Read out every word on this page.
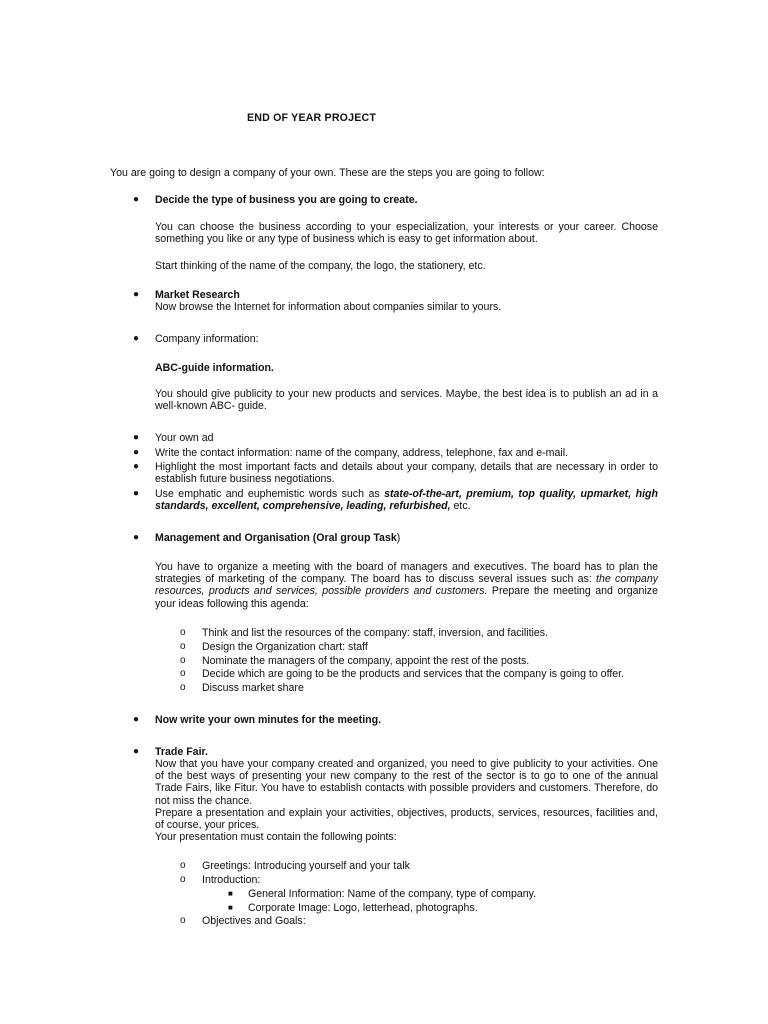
END OF YEAR PROJECT
You are going to design a company of your own. These are the steps you are going to follow:
●	Decide the type of business you are going to create.
You can choose the business according to your especialization, your interests or your career. Choose something you like or any type of business which is easy to get information about.
Start thinking of the name of the company, the logo, the stationery, etc.
●	Market Research
Now browse the Internet for information about companies similar to yours.
●	Company information:
ABC-guide information.
You should give publicity to your new products and services. Maybe, the best idea is to publish an ad in a well-known ABC- guide.
●	Your own ad
●	Write the contact information: name of the company, address, telephone, fax and e-mail.
●	Highlight the most important facts and details about your company, details that are necessary in order to establish future business negotiations.
●	Use emphatic and euphemistic words such as state-of-the-art, premium, top quality, upmarket, high standards, excellent, comprehensive, leading, refurbished, etc.
●	Management and Organisation (Oral group Task)
You have to organize a meeting with the board of managers and executives. The board has to plan the strategies of marketing of the company. The board has to discuss several issues such as: the company resources, products and services, possible providers and customers. Prepare the meeting and organize your ideas following this agenda:
o	Think and list the resources of the company: staff, inversion, and facilities.
o	Design the Organization chart: staff
o	Nominate the managers of the company, appoint the rest of the posts.
o	Decide which are going to be the products and services that the company is going to offer.
o	Discuss market share
●	Now write your own minutes for the meeting.
●	Trade Fair.
Now that you have your company created and organized, you need to give publicity to your activities. One of the best ways of presenting your new company to the rest of the sector is to go to one of the annual Trade Fairs, like Fitur. You have to establish contacts with possible providers and customers. Therefore, do not miss the chance.
Prepare a presentation and explain your activities, objectives, products, services, resources, facilities and, of course, your prices.
Your presentation must contain the following points:
o	Greetings: Introducing yourself and your talk
o	Introduction:
■ General Information: Name of the company, type of company.
■ Corporate Image: Logo, letterhead, photographs.
o	Objectives and Goals:
